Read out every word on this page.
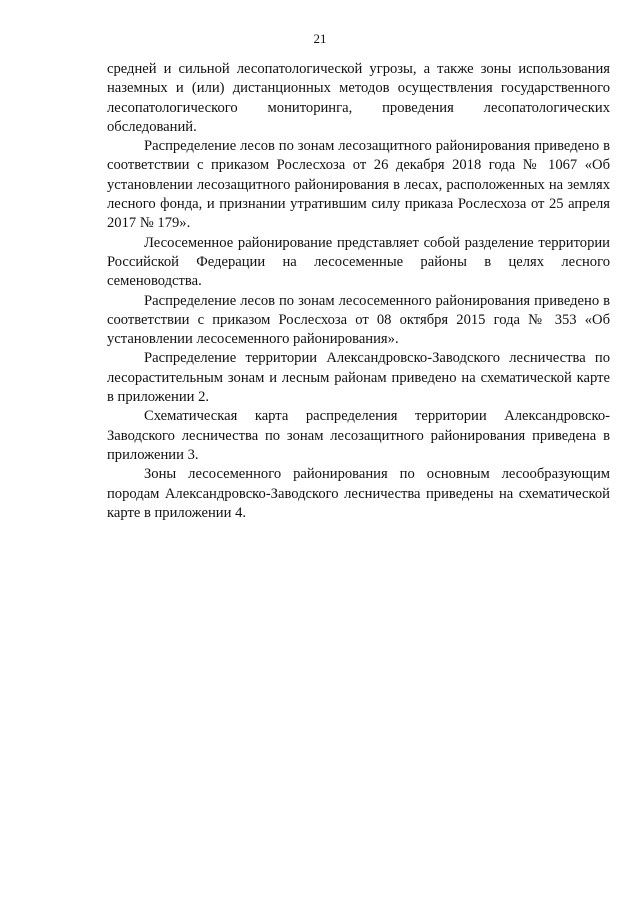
21

средней и сильной лесопатологической угрозы, а также зоны использования наземных и (или) дистанционных методов осуществления государственного лесопатологического мониторинга, проведения лесопатологических обследований.

Распределение лесов по зонам лесозащитного районирования приведено в соответствии с приказом Рослесхоза от 26 декабря 2018 года № 1067 «Об установлении лесозащитного районирования в лесах, расположенных на землях лесного фонда, и признании утратившим силу приказа Рослесхоза от 25 апреля 2017 № 179».

Лесосеменное районирование представляет собой разделение территории Российской Федерации на лесосеменные районы в целях лесного семеноводства.

Распределение лесов по зонам лесосеменного районирования приведено в соответствии с приказом Рослесхоза от 08 октября 2015 года № 353 «Об установлении лесосеменного районирования».

Распределение территории Александровско-Заводского лесничества по лесорастительным зонам и лесным районам приведено на схематической карте в приложении 2.

Схематическая карта распределения территории Александровско-Заводского лесничества по зонам лесозащитного районирования приведена в приложении 3.

Зоны лесосеменного районирования по основным лесообразующим породам Александровско-Заводского лесничества приведены на схематической карте в приложении 4.
